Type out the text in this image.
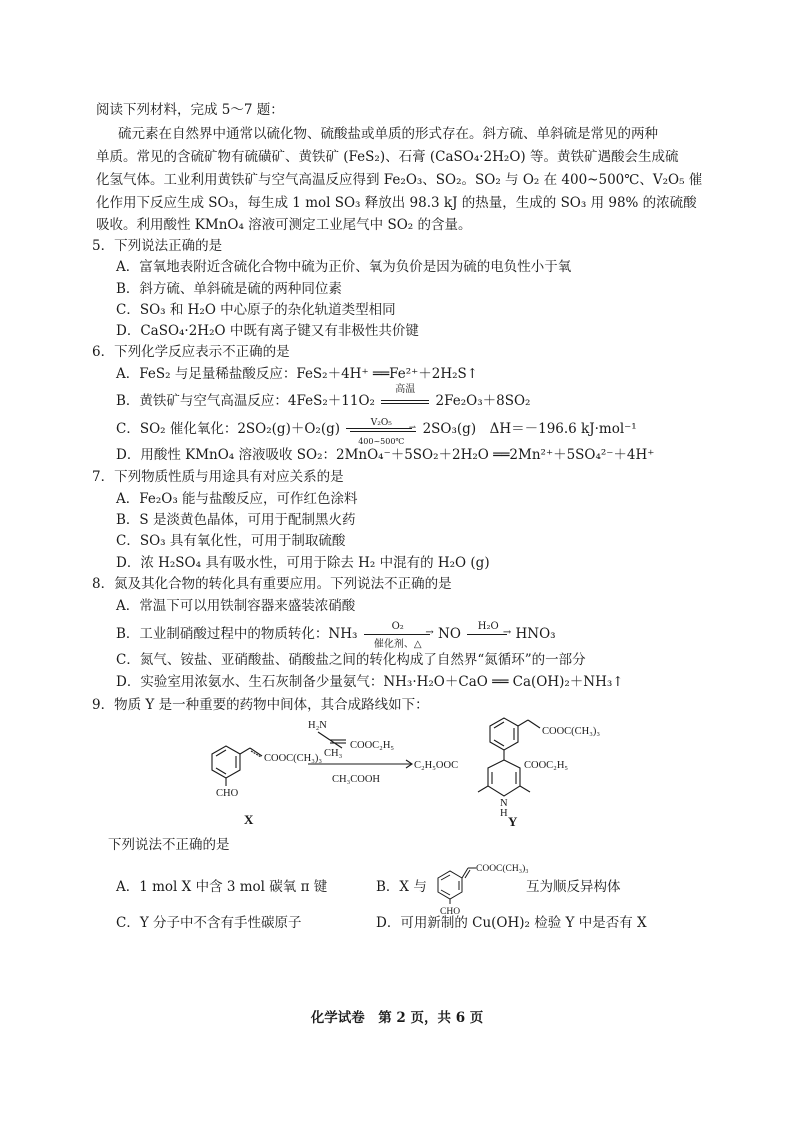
阅读下列材料，完成 5～7 题：
硫元素在自然界中通常以硫化物、硫酸盐或单质的形式存在。斜方硫、单斜硫是常见的两种
单质。常见的含硫矿物有硫磺矿、黄铁矿 (FeS₂)、石膏 (CaSO₄·2H₂O) 等。黄铁矿遇酸会生成硫
化氢气体。工业利用黄铁矿与空气高温反应得到 Fe₂O₃、SO₂。SO₂ 与 O₂ 在 400~500℃、V₂O₅ 催
化作用下反应生成 SO₃，每生成 1 mol SO₃ 释放出 98.3 kJ 的热量，生成的 SO₃ 用 98% 的浓硫酸
吸收。利用酸性 KMnO₄ 溶液可测定工业尾气中 SO₂ 的含量。
5．下列说法正确的是
A．富氧地表附近含硫化合物中硫为正价、氧为负价是因为硫的电负性小于氧
B．斜方硫、单斜硫是硫的两种同位素
C．SO₃ 和 H₂O 中心原子的杂化轨道类型相同
D．CaSO₄·2H₂O 中既有离子键又有非极性共价键
6．下列化学反应表示不正确的是
A．FeS₂ 与足量稀盐酸反应：FeS₂＋4H⁺ ══Fe²⁺＋2H₂S↑
B．黄铁矿与空气高温反应：4FeS₂＋11O₂
高温
2Fe₂O₃＋8SO₂
C．SO₂ 催化氧化：2SO₂(g)＋O₂(g)	V₂O₅	⇀
400~500℃
2SO₃(g)　ΔH＝－196.6 kJ·mol⁻¹
D．用酸性 KMnO₄ 溶液吸收 SO₂：2MnO₄⁻＋5SO₂＋2H₂O ══2Mn²⁺＋5SO₄²⁻＋4H⁺
7．下列物质性质与用途具有对应关系的是
A．Fe₂O₃ 能与盐酸反应，可作红色涂料
B．S 是淡黄色晶体，可用于配制黑火药
C．SO₃ 具有氧化性，可用于制取硫酸
D．浓 H₂SO₄ 具有吸水性，可用于除去 H₂ 中混有的 H₂O (g)
8．氮及其化合物的转化具有重要应用。下列说法不正确的是
A．常温下可以用铁制容器来盛装浓硝酸
B．工业制硝酸过程中的物质转化：NH₃	O₂
→
催化剂、△
NO	H₂O
→ HNO₃
C．氮气、铵盐、亚硝酸盐、硝酸盐之间的转化构成了自然界“氮循环”的一部分
D．实验室用浓氨水、生石灰制备少量氨气：NH₃·H₂O＋CaO ══ Ca(OH)₂＋NH₃↑
9．物质 Y 是一种重要的药物中间体，其合成路线如下：
COOC(CH₃)₃
CHO
H₂N
CH₃
COOC₂H₅
CH₃COOH
COOC(CH₃)₃
C₂H₅OOC	COOC₂H₅
N
H
X	Y
下列说法不正确的是
A．1 mol X 中含 3 mol 碳氧 π 键	B．X 与
COOC(CH₃)₃
CHO
互为顺反异构体
C．Y 分子中不含有手性碳原子	D．可用新制的 Cu(OH)₂ 检验 Y 中是否有 X
化学试卷　第 2 页，共 6 页
